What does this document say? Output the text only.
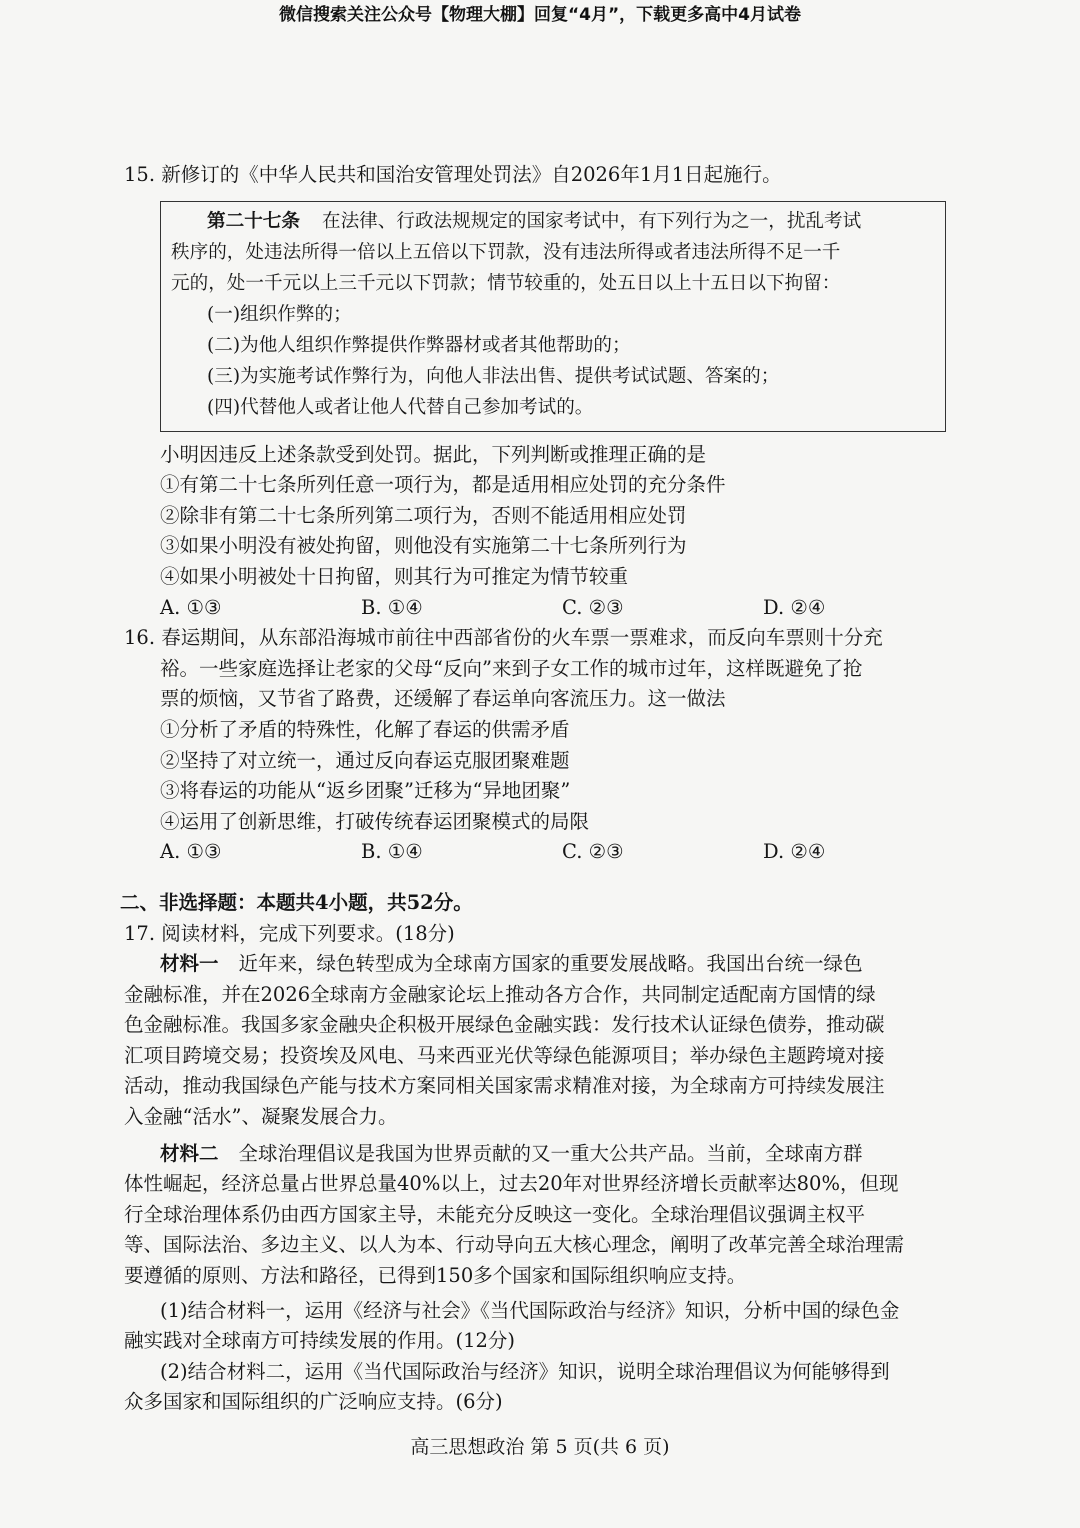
微信搜索关注公众号【物理大棚】回复“4月”，下载更多高中4月试卷
15. 新修订的《中华人民共和国治安管理处罚法》自2026年1月1日起施行。
第二十七条 在法律、行政法规规定的国家考试中，有下列行为之一，扰乱考试
秩序的，处违法所得一倍以上五倍以下罚款，没有违法所得或者违法所得不足一千
元的，处一千元以上三千元以下罚款；情节较重的，处五日以上十五日以下拘留：
(一)组织作弊的；
(二)为他人组织作弊提供作弊器材或者其他帮助的；
(三)为实施考试作弊行为，向他人非法出售、提供考试试题、答案的；
(四)代替他人或者让他人代替自己参加考试的。
小明因违反上述条款受到处罚。据此，下列判断或推理正确的是
①有第二十七条所列任意一项行为，都是适用相应处罚的充分条件
②除非有第二十七条所列第二项行为，否则不能适用相应处罚
③如果小明没有被处拘留，则他没有实施第二十七条所列行为
④如果小明被处十日拘留，则其行为可推定为情节较重
A. ①③	B. ①④	C. ②③	D. ②④
16. 春运期间，从东部沿海城市前往中西部省份的火车票一票难求，而反向车票则十分充
裕。一些家庭选择让老家的父母“反向”来到子女工作的城市过年，这样既避免了抢
票的烦恼，又节省了路费，还缓解了春运单向客流压力。这一做法
①分析了矛盾的特殊性，化解了春运的供需矛盾
②坚持了对立统一，通过反向春运克服团聚难题
③将春运的功能从“返乡团聚”迁移为“异地团聚”
④运用了创新思维，打破传统春运团聚模式的局限
A. ①③	B. ①④	C. ②③	D. ②④
二、非选择题：本题共4小题，共52分。
17. 阅读材料，完成下列要求。(18分)
材料一 近年来，绿色转型成为全球南方国家的重要发展战略。我国出台统一绿色
金融标准，并在2026全球南方金融家论坛上推动各方合作，共同制定适配南方国情的绿
色金融标准。我国多家金融央企积极开展绿色金融实践：发行技术认证绿色债券，推动碳
汇项目跨境交易；投资埃及风电、马来西亚光伏等绿色能源项目；举办绿色主题跨境对接
活动，推动我国绿色产能与技术方案同相关国家需求精准对接，为全球南方可持续发展注
入金融“活水”、凝聚发展合力。
材料二 全球治理倡议是我国为世界贡献的又一重大公共产品。当前，全球南方群
体性崛起，经济总量占世界总量40%以上，过去20年对世界经济增长贡献率达80%，但现
行全球治理体系仍由西方国家主导，未能充分反映这一变化。全球治理倡议强调主权平
等、国际法治、多边主义、以人为本、行动导向五大核心理念，阐明了改革完善全球治理需
要遵循的原则、方法和路径，已得到150多个国家和国际组织响应支持。
(1)结合材料一，运用《经济与社会》《当代国际政治与经济》知识，分析中国的绿色金
融实践对全球南方可持续发展的作用。(12分)
(2)结合材料二，运用《当代国际政治与经济》知识，说明全球治理倡议为何能够得到
众多国家和国际组织的广泛响应支持。(6分)
高三思想政治 第 5 页(共 6 页)
